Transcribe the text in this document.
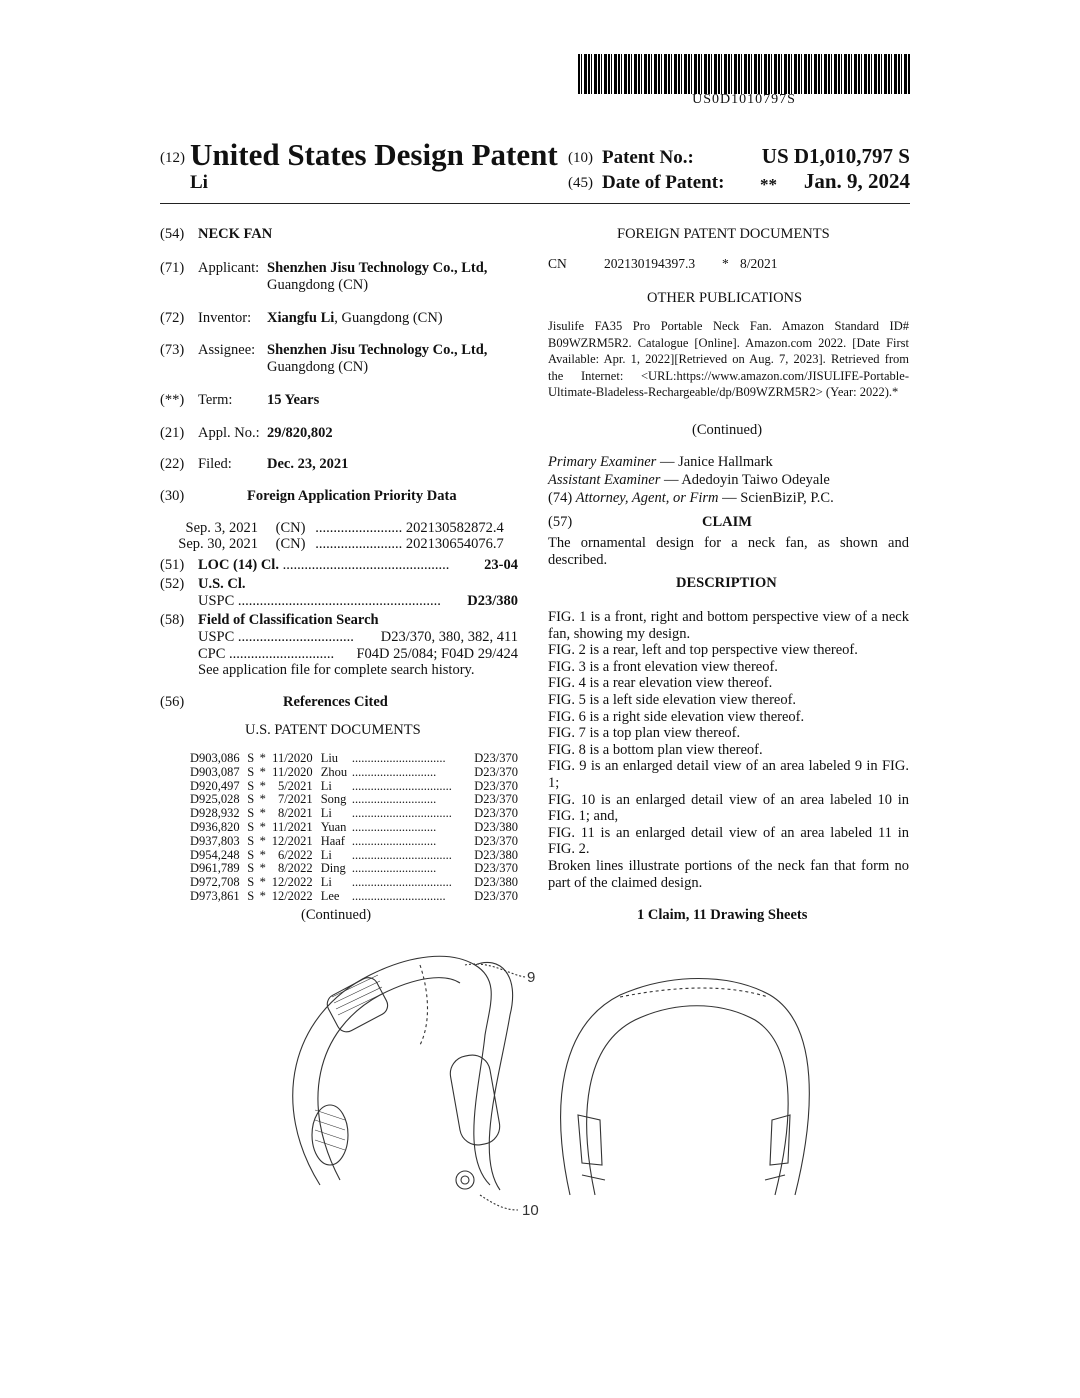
US0D1010797S
(12) United States Design Patent
Li
(10) Patent No.:	US D1,010,797 S
(45) Date of Patent: ** Jan. 9, 2024
(54) NECK FAN
(71) Applicant: Shenzhen Jisu Technology Co., Ltd,
Guangdong (CN)
(72) Inventor: Xiangfu Li, Guangdong (CN)
(73) Assignee: Shenzhen Jisu Technology Co., Ltd,
Guangdong (CN)
(**) Term: 15 Years
(21) Appl. No.: 29/820,802
(22) Filed: Dec. 23, 2021
(30)	Foreign Application Priority Data
Sep. 3, 2021 (CN) ........................ 202130582872.4
Sep. 30, 2021 (CN) ........................ 202130654076.7
(51) LOC (14) Cl. .............................................. 23-04
(52) U.S. Cl.
USPC ........................................................ D23/380
(58) Field of Classification Search
USPC ................................ D23/370, 380, 382, 411
CPC ............................. F04D 25/084; F04D 29/424
See application file for complete search history.
(56)	References Cited
U.S. PATENT DOCUMENTS
D903,086	S	*	11/2020	Liu	..............................	D23/370
D903,087	S	*	11/2020	Zhou	...........................	D23/370
D920,497	S	*	5/2021	Li	................................	D23/370
D925,028	S	*	7/2021	Song	...........................	D23/370
D928,932	S	*	8/2021	Li	................................	D23/370
D936,820	S	*	11/2021	Yuan	...........................	D23/380
D937,803	S	*	12/2021	Haaf	...........................	D23/370
D954,248	S	*	6/2022	Li	................................	D23/380
D961,789	S	*	8/2022	Ding	...........................	D23/370
D972,708	S	*	12/2022	Li	................................	D23/380
D973,861	S	*	12/2022	Lee	..............................	D23/370
(Continued)
FOREIGN PATENT DOCUMENTS
CN	202130194397.3 * 8/2021
OTHER PUBLICATIONS
Jisulife FA35 Pro Portable Neck Fan. Amazon Standard ID# B09WZRM5R2. Catalogue [Online]. Amazon.com 2022. [Date First Available: Apr. 1, 2022][Retrieved on Aug. 7, 2023]. Retrieved from the Internet: <URL:https://www.amazon.com/JISULIFE-Portable-Ultimate-Bladeless-Rechargeable/dp/B09WZRM5R2> (Year: 2022).*
(Continued)
Primary Examiner — Janice Hallmark
Assistant Examiner — Adedoyin Taiwo Odeyale
(74) Attorney, Agent, or Firm — ScienBiziP, P.C.
(57)	CLAIM
The ornamental design for a neck fan, as shown and described.
DESCRIPTION
FIG. 1 is a front, right and bottom perspective view of a neck fan, showing my design.
FIG. 2 is a rear, left and top perspective view thereof.
FIG. 3 is a front elevation view thereof.
FIG. 4 is a rear elevation view thereof.
FIG. 5 is a left side elevation view thereof.
FIG. 6 is a right side elevation view thereof.
FIG. 7 is a top plan view thereof.
FIG. 8 is a bottom plan view thereof.
FIG. 9 is an enlarged detail view of an area labeled 9 in FIG. 1;
FIG. 10 is an enlarged detail view of an area labeled 10 in FIG. 1; and,
FIG. 11 is an enlarged detail view of an area labeled 11 in FIG. 2.
Broken lines illustrate portions of the neck fan that form no part of the claimed design.
1 Claim, 11 Drawing Sheets
9
10
